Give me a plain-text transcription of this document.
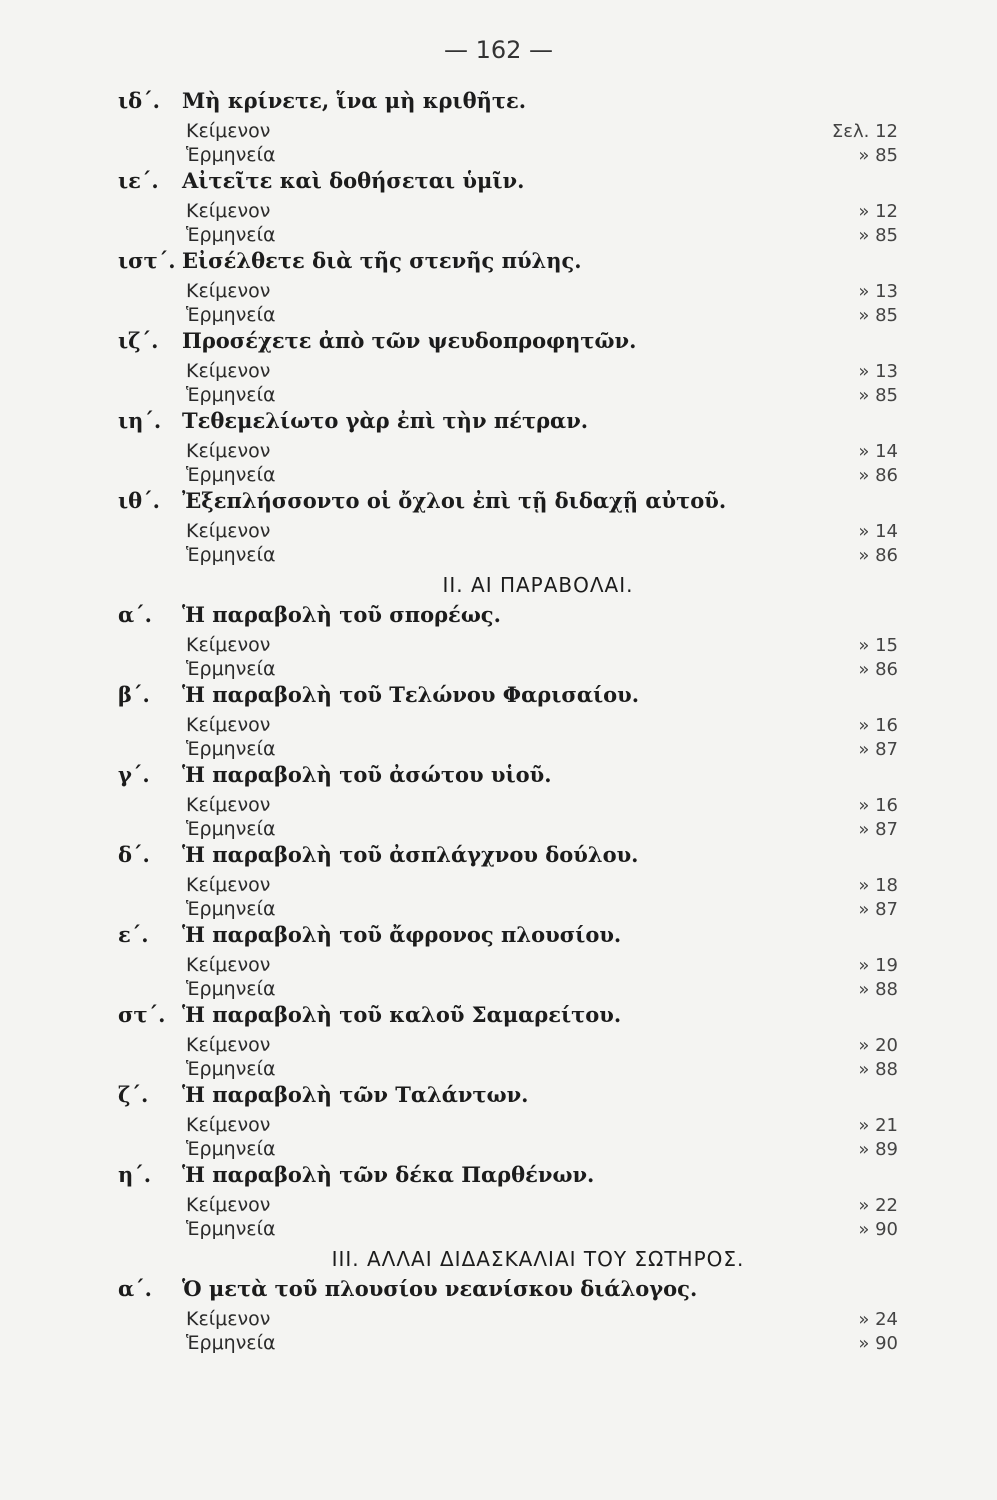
— 162 —
ιδ΄.	Μὴ κρίνετε, ἵνα μὴ κριθῆτε.
Κείμενον	Σελ. 12
Ἑρμηνεία	» 85
ιε΄.	Αἰτεῖτε καὶ δοθήσεται ὑμῖν.
Κείμενον	» 12
Ἑρμηνεία	» 85
ιστ΄. Εἰσέλθετε διὰ τῆς στενῆς πύλης.
Κείμενον	» 13
Ἑρμηνεία	» 85
ιζ΄.	Προσέχετε ἀπὸ τῶν ψευδοπροφητῶν.
Κείμενον	» 13
Ἑρμηνεία	» 85
ιη΄. Τεθεμελίωτο γὰρ ἐπὶ τὴν πέτραν.
Κείμενον	» 14
Ἑρμηνεία	» 86
ιθ΄.	Ἐξεπλήσσοντο οἱ ὄχλοι ἐπὶ τῇ διδαχῇ αὐτοῦ.
Κείμενον	» 14
Ἑρμηνεία	» 86
II. ΑΙ ΠΑΡΑΒΟΛΑΙ.
α΄.	Ἡ παραβολὴ τοῦ σπορέως.
Κείμενον	» 15
Ἑρμηνεία	» 86
β΄.	Ἡ παραβολὴ τοῦ Τελώνου Φαρισαίου.
Κείμενον	» 16
Ἑρμηνεία	» 87
γ΄.	Ἡ παραβολὴ τοῦ ἀσώτου υἱοῦ.
Κείμενον	» 16
Ἑρμηνεία	» 87
δ΄.	Ἡ παραβολὴ τοῦ ἀσπλάγχνου δούλου.
Κείμενον	» 18
Ἑρμηνεία	» 87
ε΄.	Ἡ παραβολὴ τοῦ ἄφρονος πλουσίου.
Κείμενον	» 19
Ἑρμηνεία	» 88
στ΄. Ἡ παραβολὴ τοῦ καλοῦ Σαμαρείτου.
Κείμενον	» 20
Ἑρμηνεία	» 88
ζ΄.	Ἡ παραβολὴ τῶν Ταλάντων.
Κείμενον	» 21
Ἑρμηνεία	» 89
η΄.	Ἡ παραβολὴ τῶν δέκα Παρθένων.
Κείμενον	» 22
Ἑρμηνεία	» 90
III. ΑΛΛΑΙ ΔΙΔΑΣΚΑΛΙΑΙ ΤΟΥ ΣΩΤΗΡΟΣ.
α΄.	Ὁ μετὰ τοῦ πλουσίου νεανίσκου διάλογος.
Κείμενον	» 24
Ἑρμηνεία	» 90
